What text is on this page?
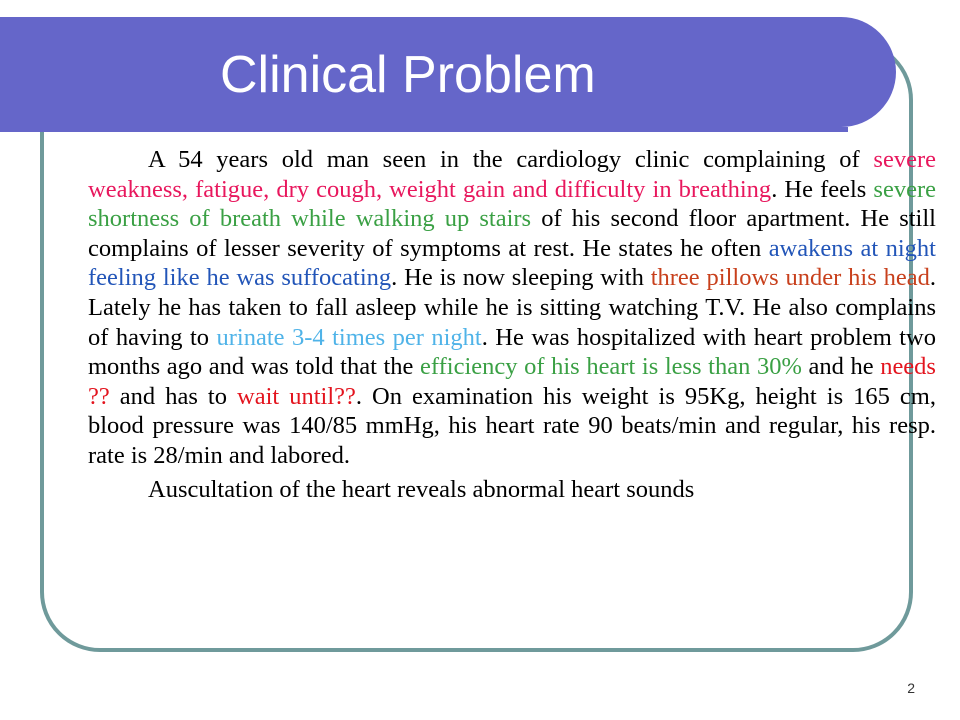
Clinical Problem

A 54 years old man seen in the cardiology clinic complaining of severe weakness, fatigue, dry cough, weight gain and difficulty in breathing. He feels severe shortness of breath while walking up stairs of his second floor apartment. He still complains of lesser severity of symptoms at rest. He states he often awakens at night feeling like he was suffocating. He is now sleeping with three pillows under his head. Lately he has taken to fall asleep while he is sitting watching T.V. He also complains of having to urinate 3-4 times per night. He was hospitalized with heart problem two months ago and was told that the efficiency of his heart is less than 30% and he needs ?? and has to wait until??. On examination his weight is 95Kg, height is 165 cm, blood pressure was 140/85 mmHg, his heart rate 90 beats/min and regular, his resp. rate is 28/min and labored.

Auscultation of the heart reveals abnormal heart sounds

2
